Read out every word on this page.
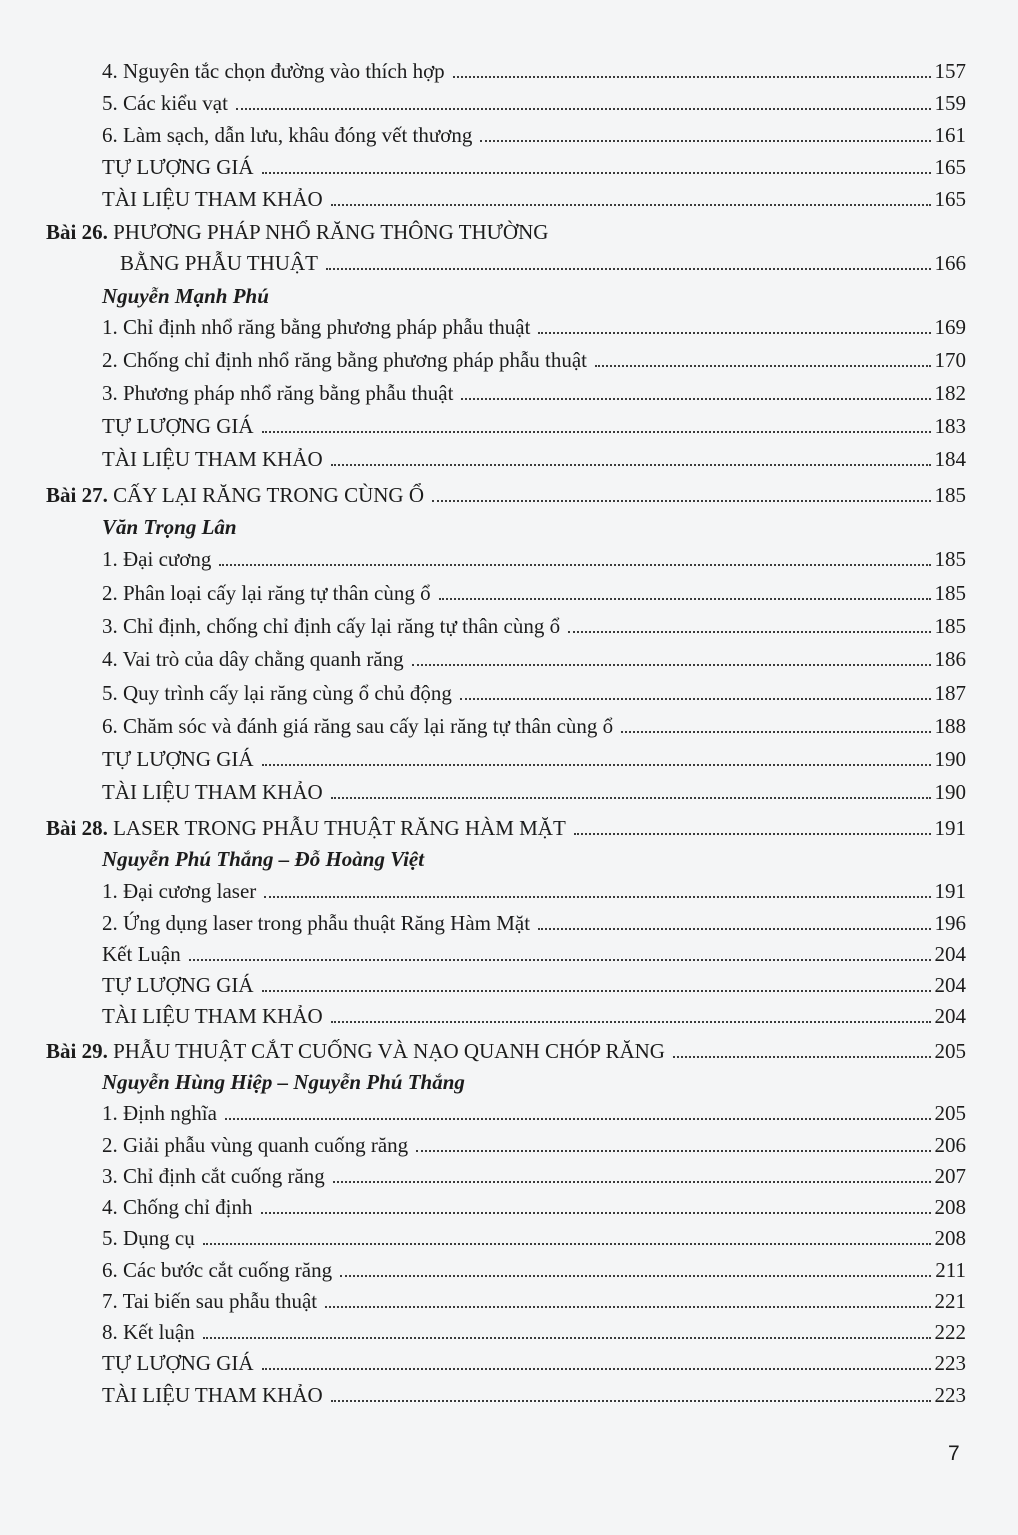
4. Nguyên tắc chọn đường vào thích hợp	157
5. Các kiểu vạt	159
6. Làm sạch, dẫn lưu, khâu đóng vết thương	161
TỰ LƯỢNG GIÁ	165
TÀI LIỆU THAM KHẢO	165
Bài 26. PHƯƠNG PHÁP NHỔ RĂNG THÔNG THƯỜNG
BẰNG PHẪU THUẬT	166
Nguyễn Mạnh Phú
1. Chỉ định nhổ răng bằng phương pháp phẫu thuật	169
2. Chống chỉ định nhổ răng bằng phương pháp phẫu thuật	170
3. Phương pháp nhổ răng bằng phẫu thuật	182
TỰ LƯỢNG GIÁ	183
TÀI LIỆU THAM KHẢO	184
Bài 27. CẤY LẠI RĂNG TRONG CÙNG Ổ	185
Văn Trọng Lân
1. Đại cương	185
2. Phân loại cấy lại răng tự thân cùng ổ	185
3. Chỉ định, chống chỉ định cấy lại răng tự thân cùng ổ	185
4. Vai trò của dây chằng quanh răng	186
5. Quy trình cấy lại răng cùng ổ chủ động	187
6. Chăm sóc và đánh giá răng sau cấy lại răng tự thân cùng ổ	188
TỰ LƯỢNG GIÁ	190
TÀI LIỆU THAM KHẢO	190
Bài 28. LASER TRONG PHẪU THUẬT RĂNG HÀM MẶT	191
Nguyễn Phú Thắng – Đỗ Hoàng Việt
1. Đại cương laser	191
2. Ứng dụng laser trong phẫu thuật Răng Hàm Mặt	196
Kết Luận	204
TỰ LƯỢNG GIÁ	204
TÀI LIỆU THAM KHẢO	204
Bài 29. PHẪU THUẬT CẮT CUỐNG VÀ NẠO QUANH CHÓP RĂNG	205
Nguyễn Hùng Hiệp – Nguyễn Phú Thắng
1. Định nghĩa	205
2. Giải phẫu vùng quanh cuống răng	206
3. Chỉ định cắt cuống răng	207
4. Chống chỉ định	208
5. Dụng cụ	208
6. Các bước cắt cuống răng	211
7. Tai biến sau phẫu thuật	221
8. Kết luận	222
TỰ LƯỢNG GIÁ	223
TÀI LIỆU THAM KHẢO	223
7
